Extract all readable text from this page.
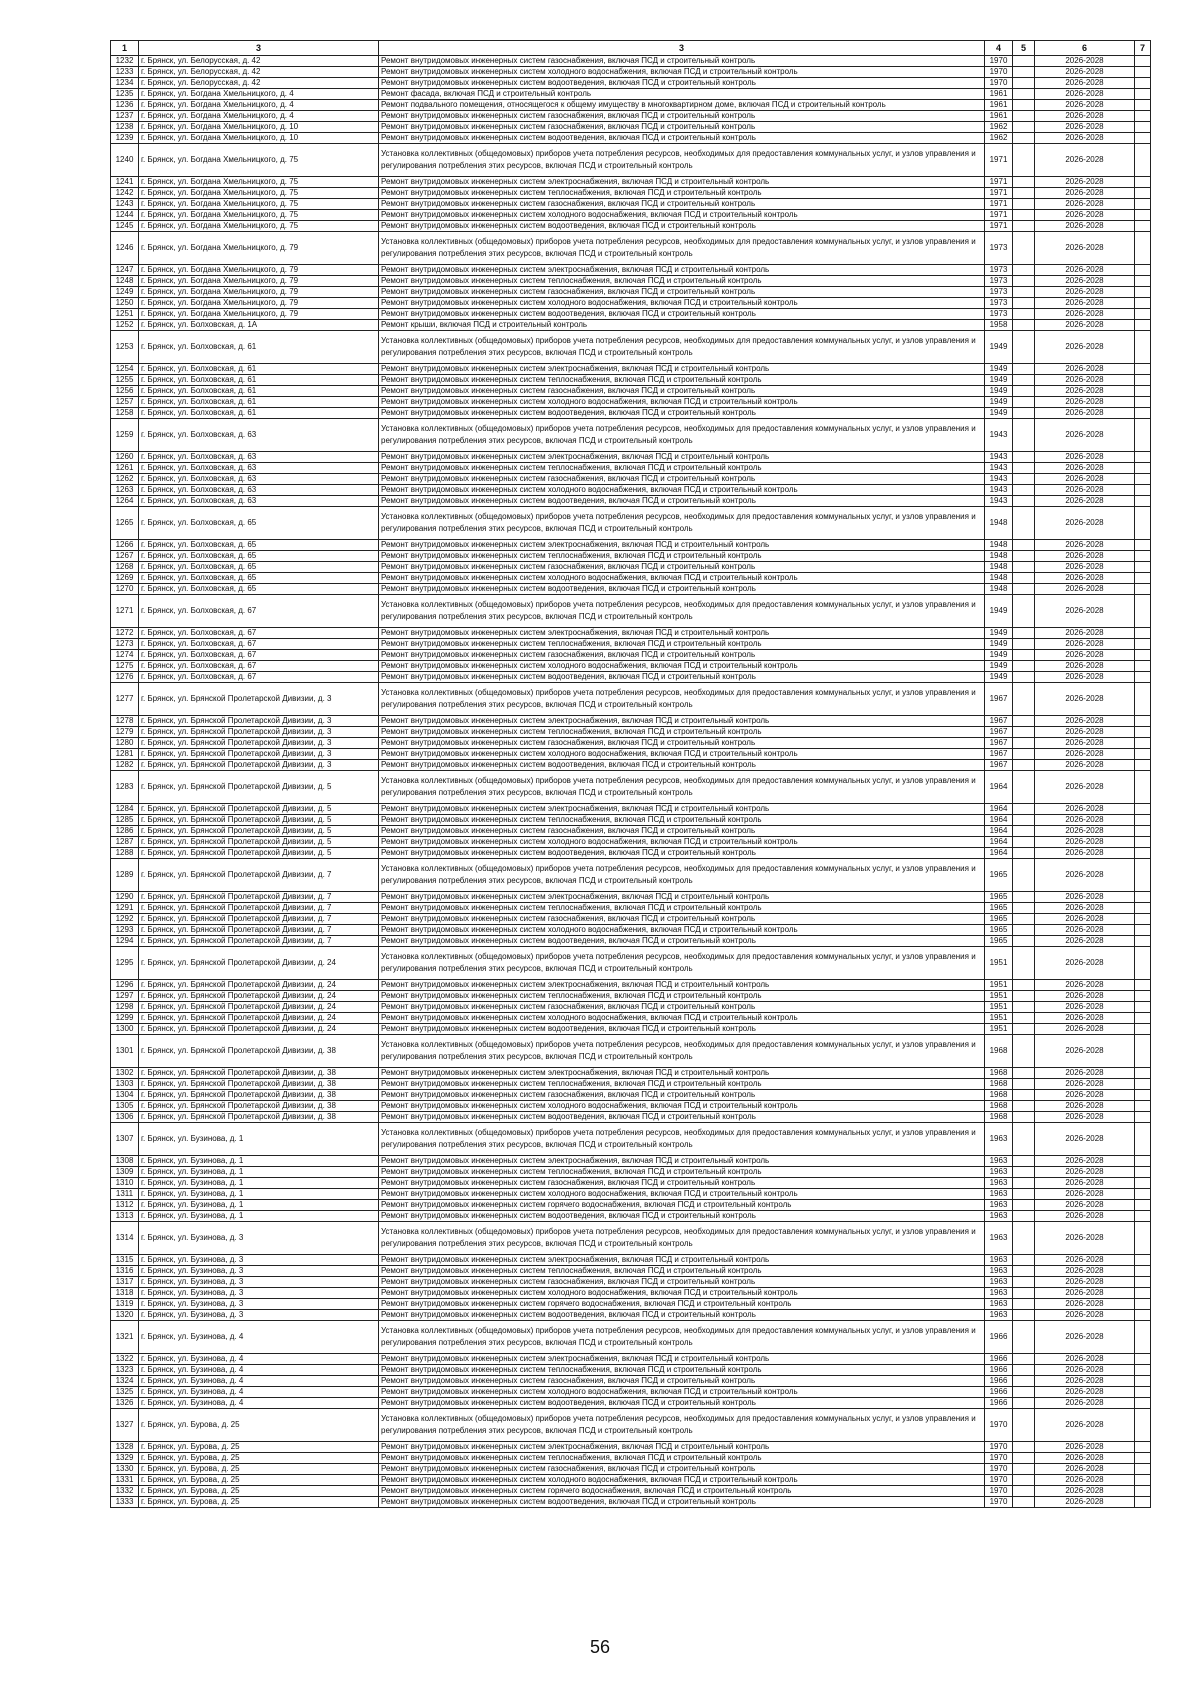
1	3	3	4	5	6	7
1232	г. Брянск, ул. Белорусская, д. 42	Ремонт внутридомовых инженерных систем газоснабжения, включая ПСД и строительный контроль	1970		2026-2028	
1233	г. Брянск, ул. Белорусская, д. 42	Ремонт внутридомовых инженерных систем холодного водоснабжения, включая ПСД и строительный контроль	1970		2026-2028	
1234	г. Брянск, ул. Белорусская, д. 42	Ремонт внутридомовых инженерных систем водоотведения, включая ПСД и строительный контроль	1970		2026-2028	
1235	г. Брянск, ул. Богдана Хмельницкого, д. 4	Ремонт фасада, включая ПСД и строительный контроль	1961		2026-2028	
1236	г. Брянск, ул. Богдана Хмельницкого, д. 4	Ремонт подвального помещения, относящегося к общему имуществу в многоквартирном доме, включая ПСД и строительный контроль	1961		2026-2028	
1237	г. Брянск, ул. Богдана Хмельницкого, д. 4	Ремонт внутридомовых инженерных систем газоснабжения, включая ПСД и строительный контроль	1961		2026-2028	
1238	г. Брянск, ул. Богдана Хмельницкого, д. 10	Ремонт внутридомовых инженерных систем газоснабжения, включая ПСД и строительный контроль	1962		2026-2028	
1239	г. Брянск, ул. Богдана Хмельницкого, д. 10	Ремонт внутридомовых инженерных систем водоотведения, включая ПСД и строительный контроль	1962		2026-2028	
1240	г. Брянск, ул. Богдана Хмельницкого, д. 75	Установка коллективных (общедомовых) приборов учета потребления ресурсов, необходимых для предоставления коммунальных услуг, и узлов управления и регулирования потребления этих ресурсов, включая ПСД и строительный контроль	1971		2026-2028	
1241	г. Брянск, ул. Богдана Хмельницкого, д. 75	Ремонт внутридомовых инженерных систем электроснабжения, включая ПСД и строительный контроль	1971		2026-2028	
1242	г. Брянск, ул. Богдана Хмельницкого, д. 75	Ремонт внутридомовых инженерных систем теплоснабжения, включая ПСД и строительный контроль	1971		2026-2028	
1243	г. Брянск, ул. Богдана Хмельницкого, д. 75	Ремонт внутридомовых инженерных систем газоснабжения, включая ПСД и строительный контроль	1971		2026-2028	
1244	г. Брянск, ул. Богдана Хмельницкого, д. 75	Ремонт внутридомовых инженерных систем холодного водоснабжения, включая ПСД и строительный контроль	1971		2026-2028	
1245	г. Брянск, ул. Богдана Хмельницкого, д. 75	Ремонт внутридомовых инженерных систем водоотведения, включая ПСД и строительный контроль	1971		2026-2028	
1246	г. Брянск, ул. Богдана Хмельницкого, д. 79	Установка коллективных (общедомовых) приборов учета потребления ресурсов, необходимых для предоставления коммунальных услуг, и узлов управления и регулирования потребления этих ресурсов, включая ПСД и строительный контроль	1973		2026-2028	
1247	г. Брянск, ул. Богдана Хмельницкого, д. 79	Ремонт внутридомовых инженерных систем электроснабжения, включая ПСД и строительный контроль	1973		2026-2028	
1248	г. Брянск, ул. Богдана Хмельницкого, д. 79	Ремонт внутридомовых инженерных систем теплоснабжения, включая ПСД и строительный контроль	1973		2026-2028	
1249	г. Брянск, ул. Богдана Хмельницкого, д. 79	Ремонт внутридомовых инженерных систем газоснабжения, включая ПСД и строительный контроль	1973		2026-2028	
1250	г. Брянск, ул. Богдана Хмельницкого, д. 79	Ремонт внутридомовых инженерных систем холодного водоснабжения, включая ПСД и строительный контроль	1973		2026-2028	
1251	г. Брянск, ул. Богдана Хмельницкого, д. 79	Ремонт внутридомовых инженерных систем водоотведения, включая ПСД и строительный контроль	1973		2026-2028	
1252	г. Брянск, ул. Болховская, д. 1А	Ремонт крыши, включая ПСД и строительный контроль	1958		2026-2028	
1253	г. Брянск, ул. Болховская, д. 61	Установка коллективных (общедомовых) приборов учета потребления ресурсов, необходимых для предоставления коммунальных услуг, и узлов управления и регулирования потребления этих ресурсов, включая ПСД и строительный контроль	1949		2026-2028	
1254	г. Брянск, ул. Болховская, д. 61	Ремонт внутридомовых инженерных систем электроснабжения, включая ПСД и строительный контроль	1949		2026-2028	
1255	г. Брянск, ул. Болховская, д. 61	Ремонт внутридомовых инженерных систем теплоснабжения, включая ПСД и строительный контроль	1949		2026-2028	
1256	г. Брянск, ул. Болховская, д. 61	Ремонт внутридомовых инженерных систем газоснабжения, включая ПСД и строительный контроль	1949		2026-2028	
1257	г. Брянск, ул. Болховская, д. 61	Ремонт внутридомовых инженерных систем холодного водоснабжения, включая ПСД и строительный контроль	1949		2026-2028	
1258	г. Брянск, ул. Болховская, д. 61	Ремонт внутридомовых инженерных систем водоотведения, включая ПСД и строительный контроль	1949		2026-2028	
1259	г. Брянск, ул. Болховская, д. 63	Установка коллективных (общедомовых) приборов учета потребления ресурсов, необходимых для предоставления коммунальных услуг, и узлов управления и регулирования потребления этих ресурсов, включая ПСД и строительный контроль	1943		2026-2028	
1260	г. Брянск, ул. Болховская, д. 63	Ремонт внутридомовых инженерных систем электроснабжения, включая ПСД и строительный контроль	1943		2026-2028	
1261	г. Брянск, ул. Болховская, д. 63	Ремонт внутридомовых инженерных систем теплоснабжения, включая ПСД и строительный контроль	1943		2026-2028	
1262	г. Брянск, ул. Болховская, д. 63	Ремонт внутридомовых инженерных систем газоснабжения, включая ПСД и строительный контроль	1943		2026-2028	
1263	г. Брянск, ул. Болховская, д. 63	Ремонт внутридомовых инженерных систем холодного водоснабжения, включая ПСД и строительный контроль	1943		2026-2028	
1264	г. Брянск, ул. Болховская, д. 63	Ремонт внутридомовых инженерных систем водоотведения, включая ПСД и строительный контроль	1943		2026-2028	
1265	г. Брянск, ул. Болховская, д. 65	Установка коллективных (общедомовых) приборов учета потребления ресурсов, необходимых для предоставления коммунальных услуг, и узлов управления и регулирования потребления этих ресурсов, включая ПСД и строительный контроль	1948		2026-2028	
1266	г. Брянск, ул. Болховская, д. 65	Ремонт внутридомовых инженерных систем электроснабжения, включая ПСД и строительный контроль	1948		2026-2028	
1267	г. Брянск, ул. Болховская, д. 65	Ремонт внутридомовых инженерных систем теплоснабжения, включая ПСД и строительный контроль	1948		2026-2028	
1268	г. Брянск, ул. Болховская, д. 65	Ремонт внутридомовых инженерных систем газоснабжения, включая ПСД и строительный контроль	1948		2026-2028	
1269	г. Брянск, ул. Болховская, д. 65	Ремонт внутридомовых инженерных систем холодного водоснабжения, включая ПСД и строительный контроль	1948		2026-2028	
1270	г. Брянск, ул. Болховская, д. 65	Ремонт внутридомовых инженерных систем водоотведения, включая ПСД и строительный контроль	1948		2026-2028	
1271	г. Брянск, ул. Болховская, д. 67	Установка коллективных (общедомовых) приборов учета потребления ресурсов, необходимых для предоставления коммунальных услуг, и узлов управления и регулирования потребления этих ресурсов, включая ПСД и строительный контроль	1949		2026-2028	
1272	г. Брянск, ул. Болховская, д. 67	Ремонт внутридомовых инженерных систем электроснабжения, включая ПСД и строительный контроль	1949		2026-2028	
1273	г. Брянск, ул. Болховская, д. 67	Ремонт внутридомовых инженерных систем теплоснабжения, включая ПСД и строительный контроль	1949		2026-2028	
1274	г. Брянск, ул. Болховская, д. 67	Ремонт внутридомовых инженерных систем газоснабжения, включая ПСД и строительный контроль	1949		2026-2028	
1275	г. Брянск, ул. Болховская, д. 67	Ремонт внутридомовых инженерных систем холодного водоснабжения, включая ПСД и строительный контроль	1949		2026-2028	
1276	г. Брянск, ул. Болховская, д. 67	Ремонт внутридомовых инженерных систем водоотведения, включая ПСД и строительный контроль	1949		2026-2028	
1277	г. Брянск, ул. Брянской Пролетарской Дивизии, д. 3	Установка коллективных (общедомовых) приборов учета потребления ресурсов, необходимых для предоставления коммунальных услуг, и узлов управления и регулирования потребления этих ресурсов, включая ПСД и строительный контроль	1967		2026-2028	
1278	г. Брянск, ул. Брянской Пролетарской Дивизии, д. 3	Ремонт внутридомовых инженерных систем электроснабжения, включая ПСД и строительный контроль	1967		2026-2028	
1279	г. Брянск, ул. Брянской Пролетарской Дивизии, д. 3	Ремонт внутридомовых инженерных систем теплоснабжения, включая ПСД и строительный контроль	1967		2026-2028	
1280	г. Брянск, ул. Брянской Пролетарской Дивизии, д. 3	Ремонт внутридомовых инженерных систем газоснабжения, включая ПСД и строительный контроль	1967		2026-2028	
1281	г. Брянск, ул. Брянской Пролетарской Дивизии, д. 3	Ремонт внутридомовых инженерных систем холодного водоснабжения, включая ПСД и строительный контроль	1967		2026-2028	
1282	г. Брянск, ул. Брянской Пролетарской Дивизии, д. 3	Ремонт внутридомовых инженерных систем водоотведения, включая ПСД и строительный контроль	1967		2026-2028	
1283	г. Брянск, ул. Брянской Пролетарской Дивизии, д. 5	Установка коллективных (общедомовых) приборов учета потребления ресурсов, необходимых для предоставления коммунальных услуг, и узлов управления и регулирования потребления этих ресурсов, включая ПСД и строительный контроль	1964		2026-2028	
1284	г. Брянск, ул. Брянской Пролетарской Дивизии, д. 5	Ремонт внутридомовых инженерных систем электроснабжения, включая ПСД и строительный контроль	1964		2026-2028	
1285	г. Брянск, ул. Брянской Пролетарской Дивизии, д. 5	Ремонт внутридомовых инженерных систем теплоснабжения, включая ПСД и строительный контроль	1964		2026-2028	
1286	г. Брянск, ул. Брянской Пролетарской Дивизии, д. 5	Ремонт внутридомовых инженерных систем газоснабжения, включая ПСД и строительный контроль	1964		2026-2028	
1287	г. Брянск, ул. Брянской Пролетарской Дивизии, д. 5	Ремонт внутридомовых инженерных систем холодного водоснабжения, включая ПСД и строительный контроль	1964		2026-2028	
1288	г. Брянск, ул. Брянской Пролетарской Дивизии, д. 5	Ремонт внутридомовых инженерных систем водоотведения, включая ПСД и строительный контроль	1964		2026-2028	
1289	г. Брянск, ул. Брянской Пролетарской Дивизии, д. 7	Установка коллективных (общедомовых) приборов учета потребления ресурсов, необходимых для предоставления коммунальных услуг, и узлов управления и регулирования потребления этих ресурсов, включая ПСД и строительный контроль	1965		2026-2028	
1290	г. Брянск, ул. Брянской Пролетарской Дивизии, д. 7	Ремонт внутридомовых инженерных систем электроснабжения, включая ПСД и строительный контроль	1965		2026-2028	
1291	г. Брянск, ул. Брянской Пролетарской Дивизии, д. 7	Ремонт внутридомовых инженерных систем теплоснабжения, включая ПСД и строительный контроль	1965		2026-2028	
1292	г. Брянск, ул. Брянской Пролетарской Дивизии, д. 7	Ремонт внутридомовых инженерных систем газоснабжения, включая ПСД и строительный контроль	1965		2026-2028	
1293	г. Брянск, ул. Брянской Пролетарской Дивизии, д. 7	Ремонт внутридомовых инженерных систем холодного водоснабжения, включая ПСД и строительный контроль	1965		2026-2028	
1294	г. Брянск, ул. Брянской Пролетарской Дивизии, д. 7	Ремонт внутридомовых инженерных систем водоотведения, включая ПСД и строительный контроль	1965		2026-2028	
1295	г. Брянск, ул. Брянской Пролетарской Дивизии, д. 24	Установка коллективных (общедомовых) приборов учета потребления ресурсов, необходимых для предоставления коммунальных услуг, и узлов управления и регулирования потребления этих ресурсов, включая ПСД и строительный контроль	1951		2026-2028	
1296	г. Брянск, ул. Брянской Пролетарской Дивизии, д. 24	Ремонт внутридомовых инженерных систем электроснабжения, включая ПСД и строительный контроль	1951		2026-2028	
1297	г. Брянск, ул. Брянской Пролетарской Дивизии, д. 24	Ремонт внутридомовых инженерных систем теплоснабжения, включая ПСД и строительный контроль	1951		2026-2028	
1298	г. Брянск, ул. Брянской Пролетарской Дивизии, д. 24	Ремонт внутридомовых инженерных систем газоснабжения, включая ПСД и строительный контроль	1951		2026-2028	
1299	г. Брянск, ул. Брянской Пролетарской Дивизии, д. 24	Ремонт внутридомовых инженерных систем холодного водоснабжения, включая ПСД и строительный контроль	1951		2026-2028	
1300	г. Брянск, ул. Брянской Пролетарской Дивизии, д. 24	Ремонт внутридомовых инженерных систем водоотведения, включая ПСД и строительный контроль	1951		2026-2028	
1301	г. Брянск, ул. Брянской Пролетарской Дивизии, д. 38	Установка коллективных (общедомовых) приборов учета потребления ресурсов, необходимых для предоставления коммунальных услуг, и узлов управления и регулирования потребления этих ресурсов, включая ПСД и строительный контроль	1968		2026-2028	
1302	г. Брянск, ул. Брянской Пролетарской Дивизии, д. 38	Ремонт внутридомовых инженерных систем электроснабжения, включая ПСД и строительный контроль	1968		2026-2028	
1303	г. Брянск, ул. Брянской Пролетарской Дивизии, д. 38	Ремонт внутридомовых инженерных систем теплоснабжения, включая ПСД и строительный контроль	1968		2026-2028	
1304	г. Брянск, ул. Брянской Пролетарской Дивизии, д. 38	Ремонт внутридомовых инженерных систем газоснабжения, включая ПСД и строительный контроль	1968		2026-2028	
1305	г. Брянск, ул. Брянской Пролетарской Дивизии, д. 38	Ремонт внутридомовых инженерных систем холодного водоснабжения, включая ПСД и строительный контроль	1968		2026-2028	
1306	г. Брянск, ул. Брянской Пролетарской Дивизии, д. 38	Ремонт внутридомовых инженерных систем водоотведения, включая ПСД и строительный контроль	1968		2026-2028	
1307	г. Брянск, ул. Бузинова, д. 1	Установка коллективных (общедомовых) приборов учета потребления ресурсов, необходимых для предоставления коммунальных услуг, и узлов управления и регулирования потребления этих ресурсов, включая ПСД и строительный контроль	1963		2026-2028	
1308	г. Брянск, ул. Бузинова, д. 1	Ремонт внутридомовых инженерных систем электроснабжения, включая ПСД и строительный контроль	1963		2026-2028	
1309	г. Брянск, ул. Бузинова, д. 1	Ремонт внутридомовых инженерных систем теплоснабжения, включая ПСД и строительный контроль	1963		2026-2028	
1310	г. Брянск, ул. Бузинова, д. 1	Ремонт внутридомовых инженерных систем газоснабжения, включая ПСД и строительный контроль	1963		2026-2028	
1311	г. Брянск, ул. Бузинова, д. 1	Ремонт внутридомовых инженерных систем холодного водоснабжения, включая ПСД и строительный контроль	1963		2026-2028	
1312	г. Брянск, ул. Бузинова, д. 1	Ремонт внутридомовых инженерных систем горячего водоснабжения, включая ПСД и строительный контроль	1963		2026-2028	
1313	г. Брянск, ул. Бузинова, д. 1	Ремонт внутридомовых инженерных систем водоотведения, включая ПСД и строительный контроль	1963		2026-2028	
1314	г. Брянск, ул. Бузинова, д. 3	Установка коллективных (общедомовых) приборов учета потребления ресурсов, необходимых для предоставления коммунальных услуг, и узлов управления и регулирования потребления этих ресурсов, включая ПСД и строительный контроль	1963		2026-2028	
1315	г. Брянск, ул. Бузинова, д. 3	Ремонт внутридомовых инженерных систем электроснабжения, включая ПСД и строительный контроль	1963		2026-2028	
1316	г. Брянск, ул. Бузинова, д. 3	Ремонт внутридомовых инженерных систем теплоснабжения, включая ПСД и строительный контроль	1963		2026-2028	
1317	г. Брянск, ул. Бузинова, д. 3	Ремонт внутридомовых инженерных систем газоснабжения, включая ПСД и строительный контроль	1963		2026-2028	
1318	г. Брянск, ул. Бузинова, д. 3	Ремонт внутридомовых инженерных систем холодного водоснабжения, включая ПСД и строительный контроль	1963		2026-2028	
1319	г. Брянск, ул. Бузинова, д. 3	Ремонт внутридомовых инженерных систем горячего водоснабжения, включая ПСД и строительный контроль	1963		2026-2028	
1320	г. Брянск, ул. Бузинова, д. 3	Ремонт внутридомовых инженерных систем водоотведения, включая ПСД и строительный контроль	1963		2026-2028	
1321	г. Брянск, ул. Бузинова, д. 4	Установка коллективных (общедомовых) приборов учета потребления ресурсов, необходимых для предоставления коммунальных услуг, и узлов управления и регулирования потребления этих ресурсов, включая ПСД и строительный контроль	1966		2026-2028	
1322	г. Брянск, ул. Бузинова, д. 4	Ремонт внутридомовых инженерных систем электроснабжения, включая ПСД и строительный контроль	1966		2026-2028	
1323	г. Брянск, ул. Бузинова, д. 4	Ремонт внутридомовых инженерных систем теплоснабжения, включая ПСД и строительный контроль	1966		2026-2028	
1324	г. Брянск, ул. Бузинова, д. 4	Ремонт внутридомовых инженерных систем газоснабжения, включая ПСД и строительный контроль	1966		2026-2028	
1325	г. Брянск, ул. Бузинова, д. 4	Ремонт внутридомовых инженерных систем холодного водоснабжения, включая ПСД и строительный контроль	1966		2026-2028	
1326	г. Брянск, ул. Бузинова, д. 4	Ремонт внутридомовых инженерных систем водоотведения, включая ПСД и строительный контроль	1966		2026-2028	
1327	г. Брянск, ул. Бурова, д. 25	Установка коллективных (общедомовых) приборов учета потребления ресурсов, необходимых для предоставления коммунальных услуг, и узлов управления и регулирования потребления этих ресурсов, включая ПСД и строительный контроль	1970		2026-2028	
1328	г. Брянск, ул. Бурова, д. 25	Ремонт внутридомовых инженерных систем электроснабжения, включая ПСД и строительный контроль	1970		2026-2028	
1329	г. Брянск, ул. Бурова, д. 25	Ремонт внутридомовых инженерных систем теплоснабжения, включая ПСД и строительный контроль	1970		2026-2028	
1330	г. Брянск, ул. Бурова, д. 25	Ремонт внутридомовых инженерных систем газоснабжения, включая ПСД и строительный контроль	1970		2026-2028	
1331	г. Брянск, ул. Бурова, д. 25	Ремонт внутридомовых инженерных систем холодного водоснабжения, включая ПСД и строительный контроль	1970		2026-2028	
1332	г. Брянск, ул. Бурова, д. 25	Ремонт внутридомовых инженерных систем горячего водоснабжения, включая ПСД и строительный контроль	1970		2026-2028	
1333	г. Брянск, ул. Бурова, д. 25	Ремонт внутридомовых инженерных систем водоотведения, включая ПСД и строительный контроль	1970		2026-2028	
56
